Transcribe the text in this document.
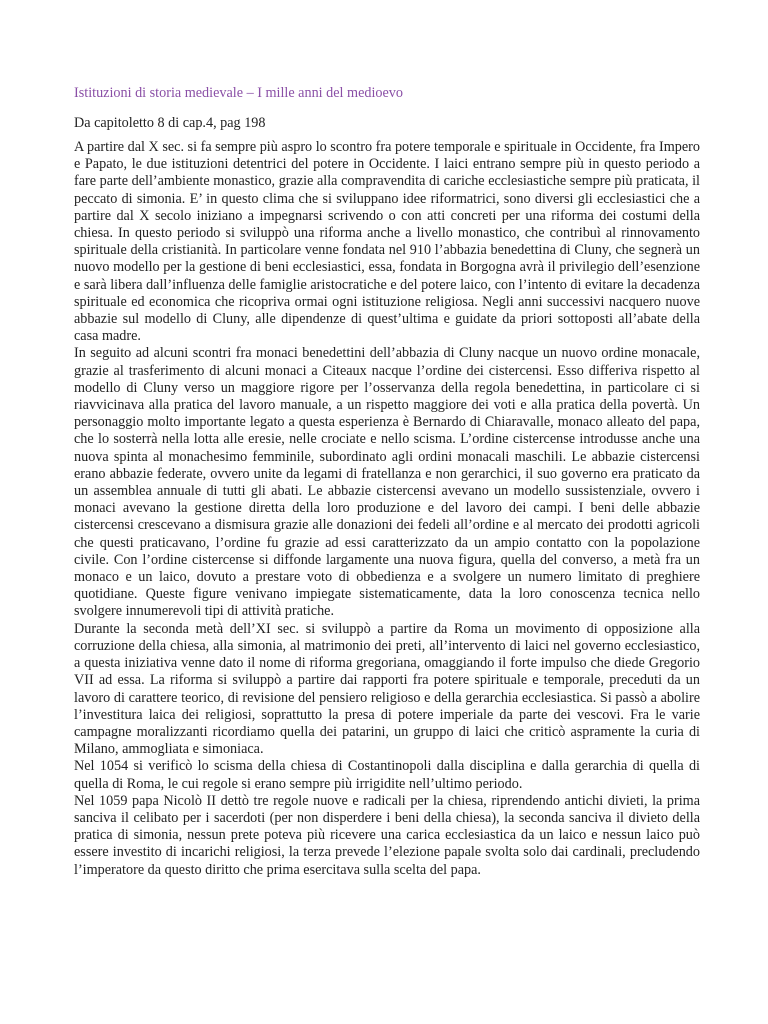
Istituzioni di storia medievale – I mille anni del medioevo

Da capitoletto 8 di cap.4, pag 198

A partire dal X sec. si fa sempre più aspro lo scontro fra potere temporale e spirituale in Occidente, fra Impero e Papato, le due istituzioni detentrici del potere in Occidente. I laici entrano sempre più in questo periodo a fare parte dell’ambiente monastico, grazie alla compravendita di cariche ecclesiastiche sempre più praticata, il peccato di simonia. E’ in questo clima che si sviluppano idee riformatrici, sono diversi gli ecclesiastici che a partire dal X secolo iniziano a impegnarsi scrivendo o con atti concreti per una riforma dei costumi della chiesa. In questo periodo si sviluppò una riforma anche a livello monastico, che contribuì al rinnovamento spirituale della cristianità. In particolare venne fondata nel 910 l’abbazia benedettina di Cluny, che segnerà un nuovo modello per la gestione di beni ecclesiastici, essa, fondata in Borgogna avrà il privilegio dell’esenzione e sarà libera dall’influenza delle famiglie aristocratiche e del potere laico, con l’intento di evitare la decadenza spirituale ed economica che ricopriva ormai ogni istituzione religiosa. Negli anni successivi nacquero nuove abbazie sul modello di Cluny, alle dipendenze di quest’ultima e guidate da priori sottoposti all’abate della casa madre.

In seguito ad alcuni scontri fra monaci benedettini dell’abbazia di Cluny nacque un nuovo ordine monacale, grazie al trasferimento di alcuni monaci a Citeaux nacque l’ordine dei cistercensi. Esso differiva rispetto al modello di Cluny verso un maggiore rigore per l’osservanza della regola benedettina, in particolare ci si riavvicinava alla pratica del lavoro manuale, a un rispetto maggiore dei voti e alla pratica della povertà. Un personaggio molto importante legato a questa esperienza è Bernardo di Chiaravalle, monaco alleato del papa, che lo sosterrà nella lotta alle eresie, nelle crociate e nello scisma. L’ordine cistercense introdusse anche una nuova spinta al monachesimo femminile, subordinato agli ordini monacali maschili. Le abbazie cistercensi erano abbazie federate, ovvero unite da legami di fratellanza e non gerarchici, il suo governo era praticato da un assemblea annuale di tutti gli abati. Le abbazie cistercensi avevano un modello sussistenziale, ovvero i monaci avevano la gestione diretta della loro produzione e del lavoro dei campi. I beni delle abbazie cistercensi crescevano a dismisura grazie alle donazioni dei fedeli all’ordine e al mercato dei prodotti agricoli che questi praticavano, l’ordine fu grazie ad essi caratterizzato da un ampio contatto con la popolazione civile. Con l’ordine cistercense si diffonde largamente una nuova figura, quella del converso, a metà fra un monaco e un laico, dovuto a prestare voto di obbedienza e a svolgere un numero limitato di preghiere quotidiane. Queste figure venivano impiegate sistematicamente, data la loro conoscenza tecnica nello svolgere innumerevoli tipi di attività pratiche.

Durante la seconda metà dell’XI sec. si sviluppò a partire da Roma un movimento di opposizione alla corruzione della chiesa, alla simonia, al matrimonio dei preti, all’intervento di laici nel governo ecclesiastico, a questa iniziativa venne dato il nome di riforma gregoriana, omaggiando il forte impulso che diede Gregorio VII ad essa. La riforma si sviluppò a partire dai rapporti fra potere spirituale e temporale, preceduti da un lavoro di carattere teorico, di revisione del pensiero religioso e della gerarchia ecclesiastica. Si passò a abolire l’investitura laica dei religiosi, soprattutto la presa di potere imperiale da parte dei vescovi. Fra le varie campagne moralizzanti ricordiamo quella dei patarini, un gruppo di laici che criticò aspramente la curia di Milano, ammogliata e simoniaca.

Nel 1054 si verificò lo scisma della chiesa di Costantinopoli dalla disciplina e dalla gerarchia di quella di quella di Roma, le cui regole si erano sempre più irrigidite nell’ultimo periodo.

Nel 1059 papa Nicolò II dettò tre regole nuove e radicali per la chiesa, riprendendo antichi divieti, la prima sanciva il celibato per i sacerdoti (per non disperdere i beni della chiesa), la seconda sanciva il divieto della pratica di simonia, nessun prete poteva più ricevere una carica ecclesiastica da un laico e nessun laico può essere investito di incarichi religiosi, la terza prevede l’elezione papale svolta solo dai cardinali, precludendo l’imperatore da questo diritto che prima esercitava sulla scelta del papa.
